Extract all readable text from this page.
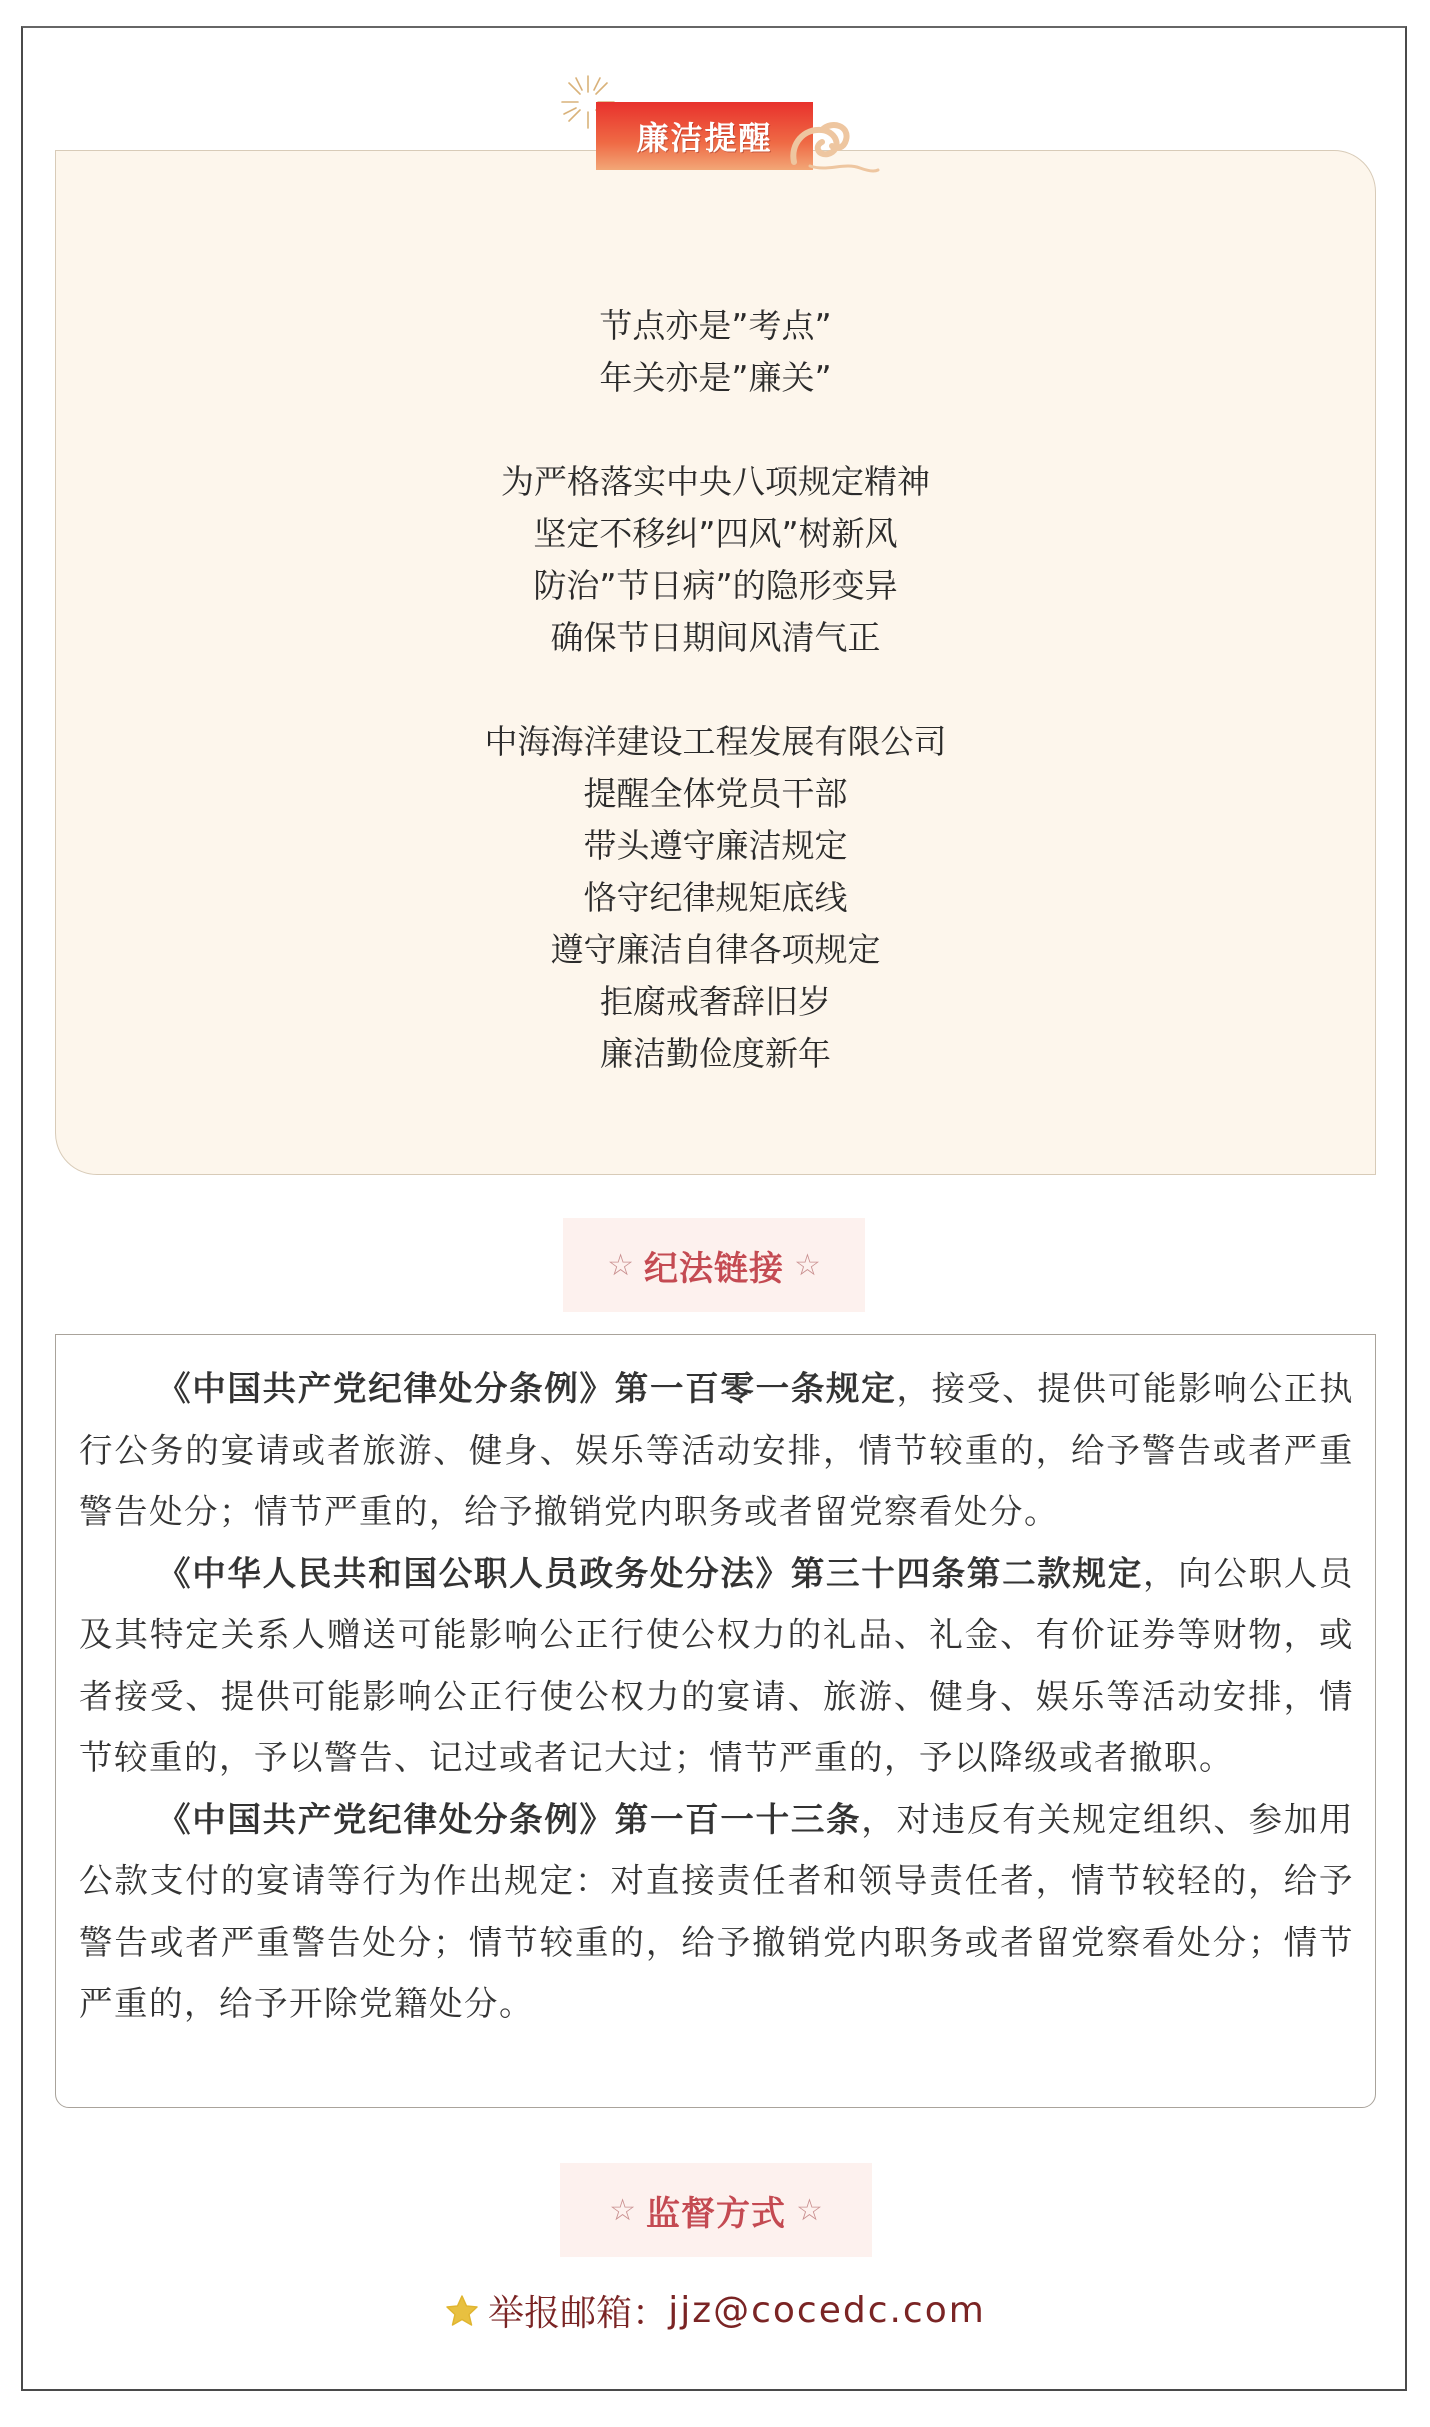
廉洁提醒
节点亦是”考点”
年关亦是”廉关”
为严格落实中央八项规定精神
坚定不移纠”四风”树新风
防治”节日病”的隐形变异
确保节日期间风清气正
中海海洋建设工程发展有限公司
提醒全体党员干部
带头遵守廉洁规定
恪守纪律规矩底线
遵守廉洁自律各项规定
拒腐戒奢辞旧岁
廉洁勤俭度新年
☆ 纪法链接 ☆

《中国共产党纪律处分条例》第一百零一条规定，接受、提供可能影响公正执行公务的宴请或者旅游、健身、娱乐等活动安排，情节较重的，给予警告或者严重警告处分；情节严重的，给予撤销党内职务或者留党察看处分。

《中华人民共和国公职人员政务处分法》第三十四条第二款规定，向公职人员及其特定关系人赠送可能影响公正行使公权力的礼品、礼金、有价证券等财物，或者接受、提供可能影响公正行使公权力的宴请、旅游、健身、娱乐等活动安排，情节较重的，予以警告、记过或者记大过；情节严重的，予以降级或者撤职。

《中国共产党纪律处分条例》第一百一十三条，对违反有关规定组织、参加用公款支付的宴请等行为作出规定：对直接责任者和领导责任者，情节较轻的，给予警告或者严重警告处分；情节较重的，给予撤销党内职务或者留党察看处分；情节严重的，给予开除党籍处分。

☆ 监督方式 ☆
举报邮箱： jjz@cocedc.com
